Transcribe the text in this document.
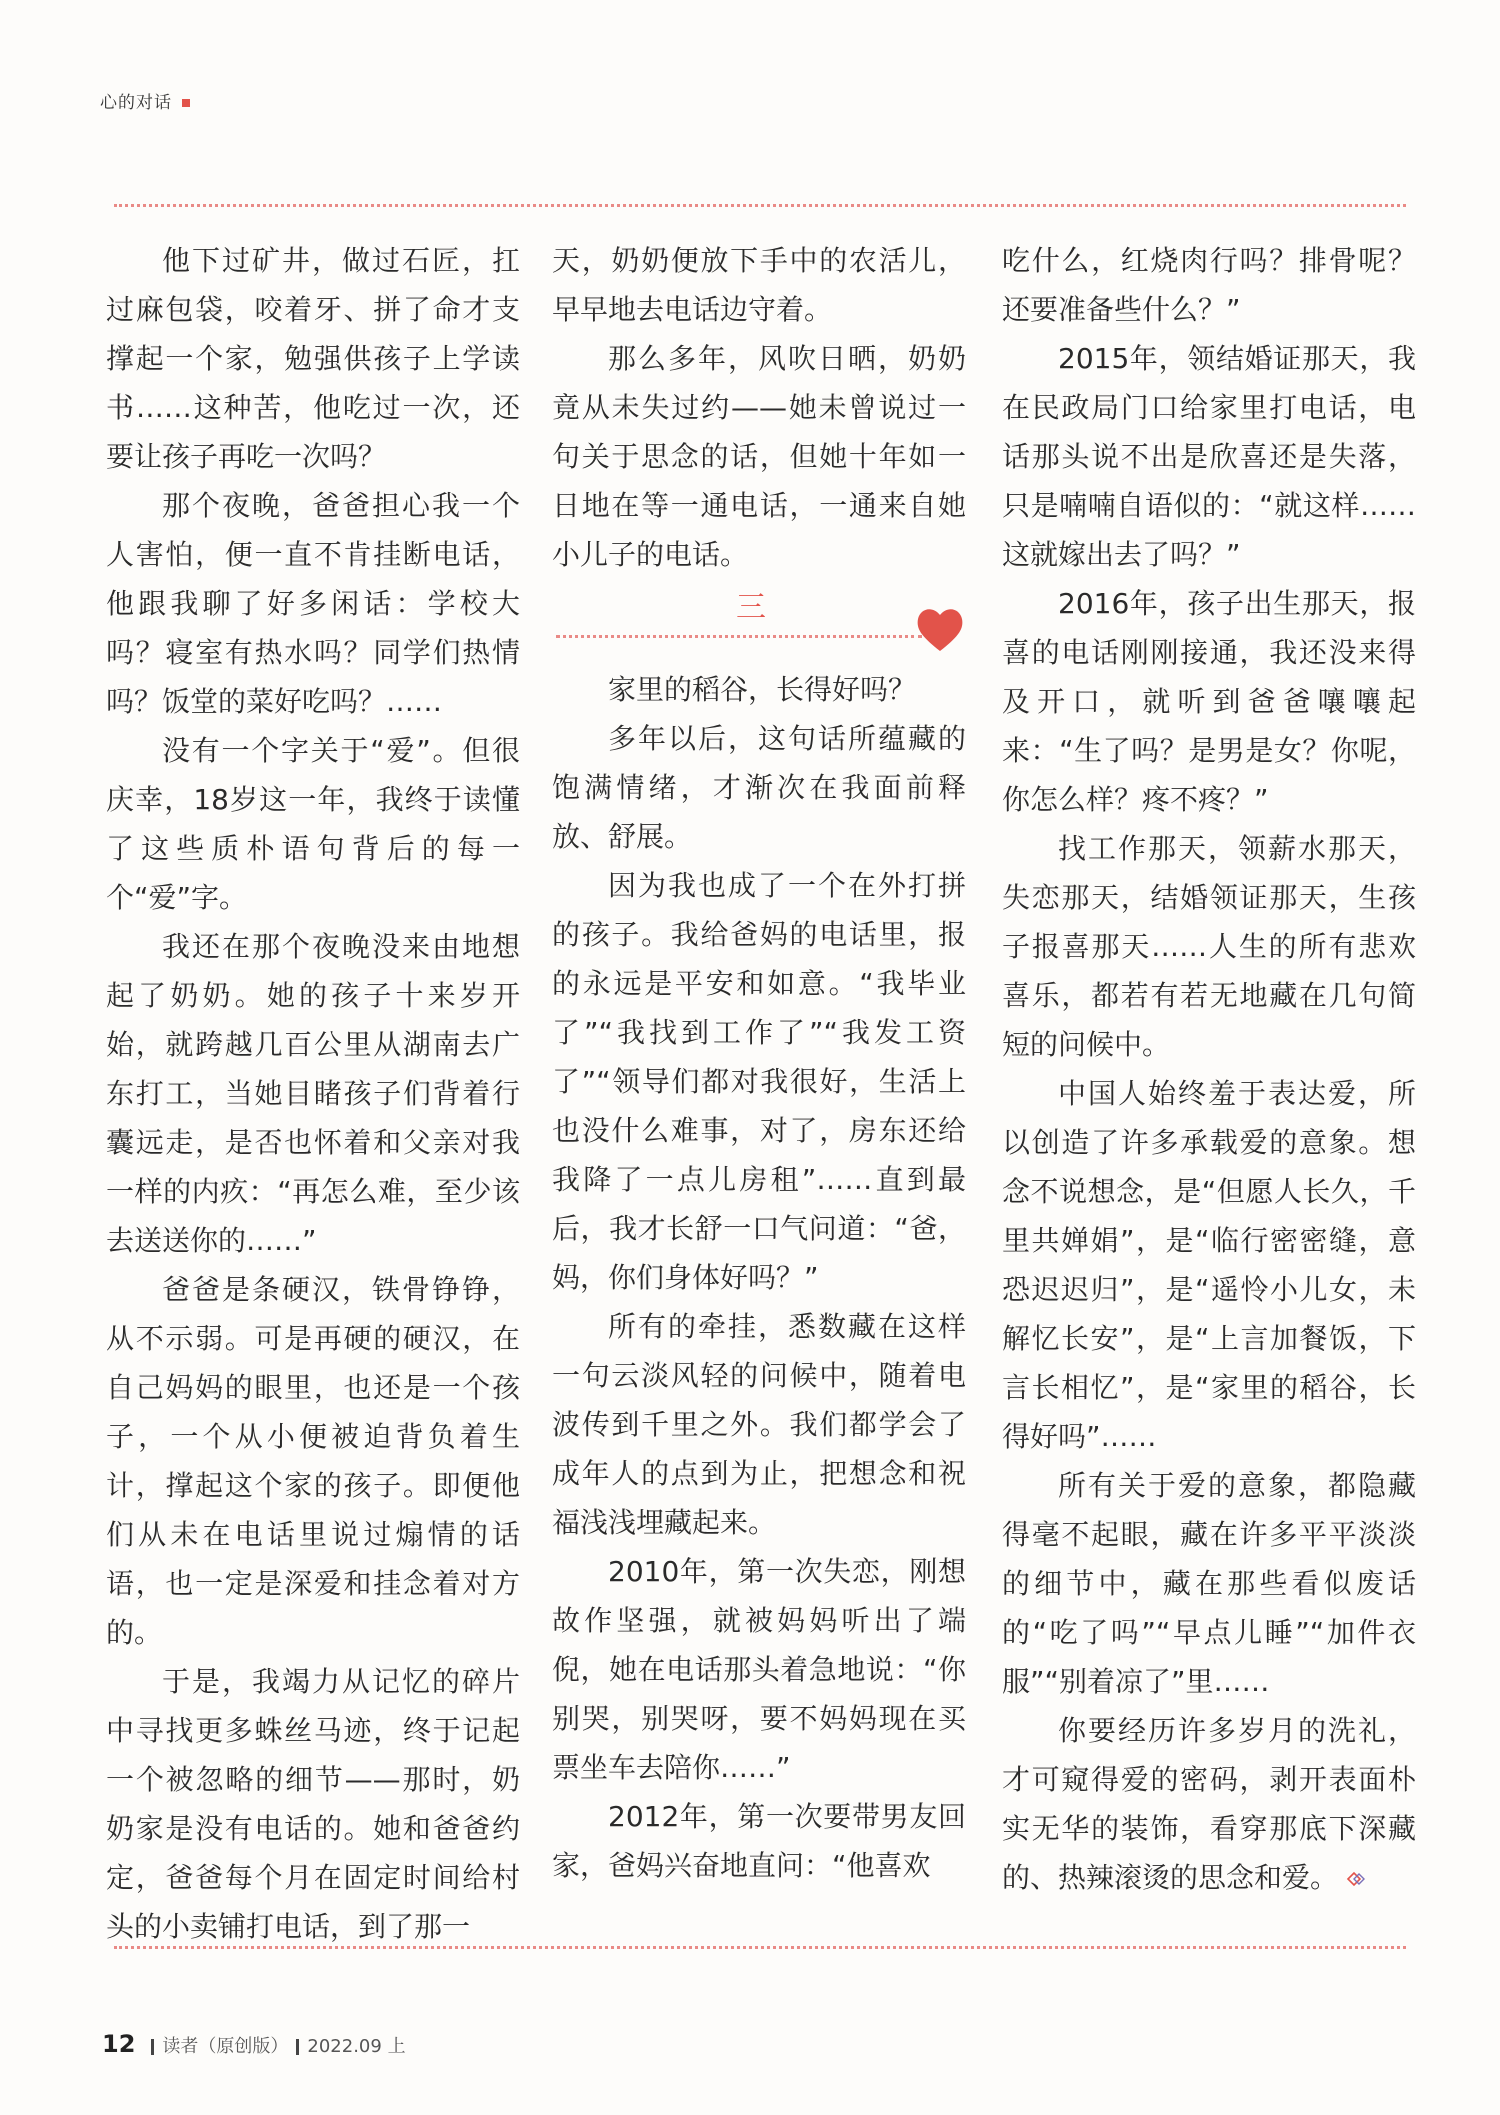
心的对话

他下过矿井，做过石匠，扛过麻包袋，咬着牙、拼了命才支撑起一个家，勉强供孩子上学读书……这种苦，他吃过一次，还要让孩子再吃一次吗？

那个夜晚，爸爸担心我一个人害怕，便一直不肯挂断电话，他跟我聊了好多闲话：学校大吗？寝室有热水吗？同学们热情吗？饭堂的菜好吃吗？……

没有一个字关于“爱”。但很庆幸，18岁这一年，我终于读懂了这些质朴语句背后的每一个“爱”字。

我还在那个夜晚没来由地想起了奶奶。她的孩子十来岁开始，就跨越几百公里从湖南去广东打工，当她目睹孩子们背着行囊远走，是否也怀着和父亲对我一样的内疚：“再怎么难，至少该去送送你的……”

爸爸是条硬汉，铁骨铮铮，从不示弱。可是再硬的硬汉，在自己妈妈的眼里，也还是一个孩子，一个从小便被迫背负着生计，撑起这个家的孩子。即便他们从未在电话里说过煽情的话语，也一定是深爱和挂念着对方的。

于是，我竭力从记忆的碎片中寻找更多蛛丝马迹，终于记起一个被忽略的细节——那时，奶奶家是没有电话的。她和爸爸约定，爸爸每个月在固定时间给村头的小卖铺打电话，到了那一

天，奶奶便放下手中的农活儿，早早地去电话边守着。

那么多年，风吹日晒，奶奶竟从未失过约——她未曾说过一句关于思念的话，但她十年如一日地在等一通电话，一通来自她小儿子的电话。

三

家里的稻谷，长得好吗？

多年以后，这句话所蕴藏的饱满情绪，才渐次在我面前释放、舒展。

因为我也成了一个在外打拼的孩子。我给爸妈的电话里，报的永远是平安和如意。“我毕业了”“我找到工作了”“我发工资了”“领导们都对我很好，生活上也没什么难事，对了，房东还给我降了一点儿房租”……直到最后，我才长舒一口气问道：“爸，妈，你们身体好吗？”

所有的牵挂，悉数藏在这样一句云淡风轻的问候中，随着电波传到千里之外。我们都学会了成年人的点到为止，把想念和祝福浅浅埋藏起来。

2010年，第一次失恋，刚想故作坚强，就被妈妈听出了端倪，她在电话那头着急地说：“你别哭，别哭呀，要不妈妈现在买票坐车去陪你……”

2012年，第一次要带男友回家，爸妈兴奋地直问：“他喜欢

吃什么，红烧肉行吗？排骨呢？还要准备些什么？”

2015年，领结婚证那天，我在民政局门口给家里打电话，电话那头说不出是欣喜还是失落，只是喃喃自语似的：“就这样……这就嫁出去了吗？”

2016年，孩子出生那天，报喜的电话刚刚接通，我还没来得及开口，就听到爸爸嚷嚷起来：“生了吗？是男是女？你呢，你怎么样？疼不疼？”

找工作那天，领薪水那天，失恋那天，结婚领证那天，生孩子报喜那天……人生的所有悲欢喜乐，都若有若无地藏在几句简短的问候中。

中国人始终羞于表达爱，所以创造了许多承载爱的意象。想念不说想念，是“但愿人长久，千里共婵娟”，是“临行密密缝，意恐迟迟归”，是“遥怜小儿女，未解忆长安”，是“上言加餐饭，下言长相忆”，是“家里的稻谷，长得好吗”……

所有关于爱的意象，都隐藏得毫不起眼，藏在许多平平淡淡的细节中，藏在那些看似废话的“吃了吗”“早点儿睡”“加件衣服”“别着凉了”里……

你要经历许多岁月的洗礼，才可窥得爱的密码，剥开表面朴实无华的装饰，看穿那底下深藏的、热辣滚烫的思念和爱。

12 读者（原创版） 2022.09 上
